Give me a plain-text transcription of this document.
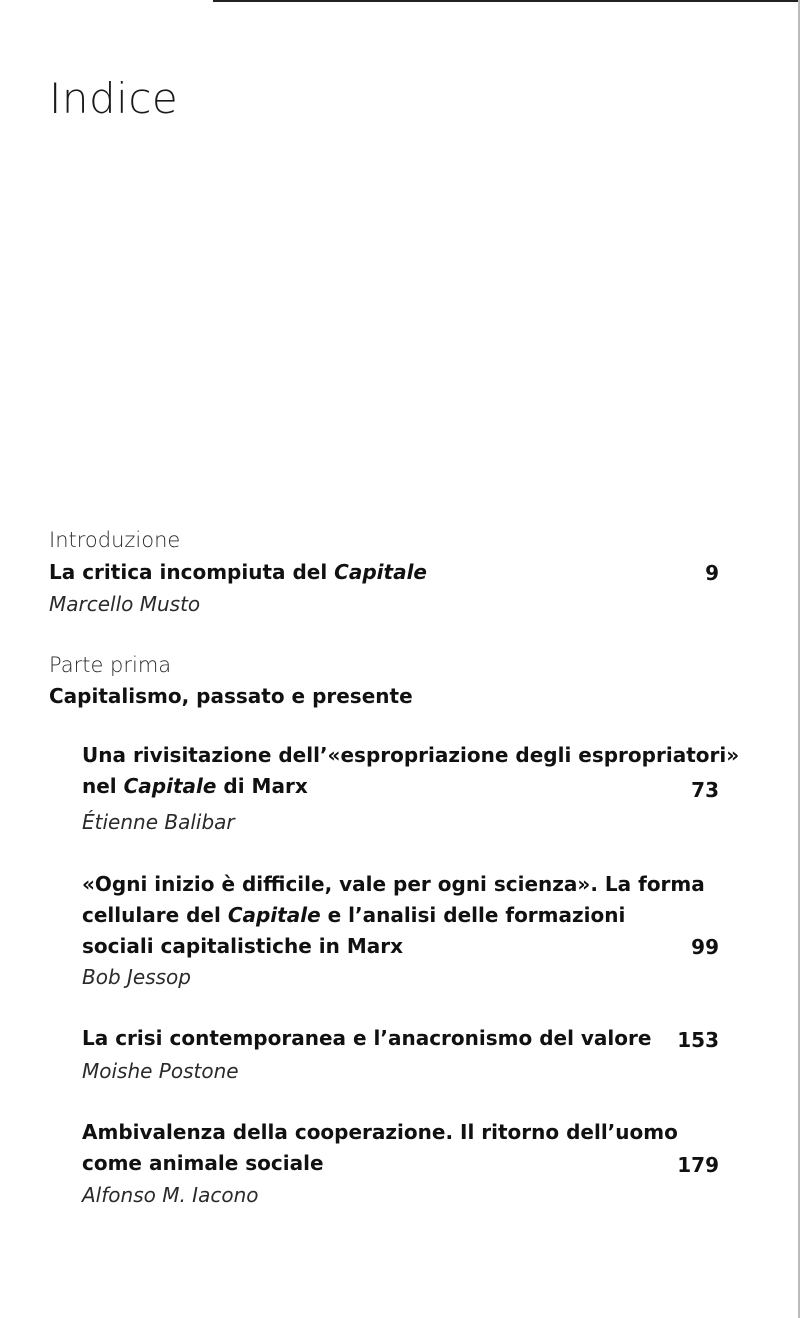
Indice
Introduzione
La critica incompiuta del Capitale	9
Marcello Musto
Parte prima
Capitalismo, passato e presente
Una rivisitazione dell’«espropriazione degli espropriatori»
nel Capitale di Marx	73
Étienne Balibar
«Ogni inizio è difficile, vale per ogni scienza». La forma
cellulare del Capitale e l’analisi delle formazioni
sociali capitalistiche in Marx	99
Bob Jessop
La crisi contemporanea e l’anacronismo del valore 153
Moishe Postone
Ambivalenza della cooperazione. Il ritorno dell’uomo
come animale sociale	179
Alfonso M. Iacono
